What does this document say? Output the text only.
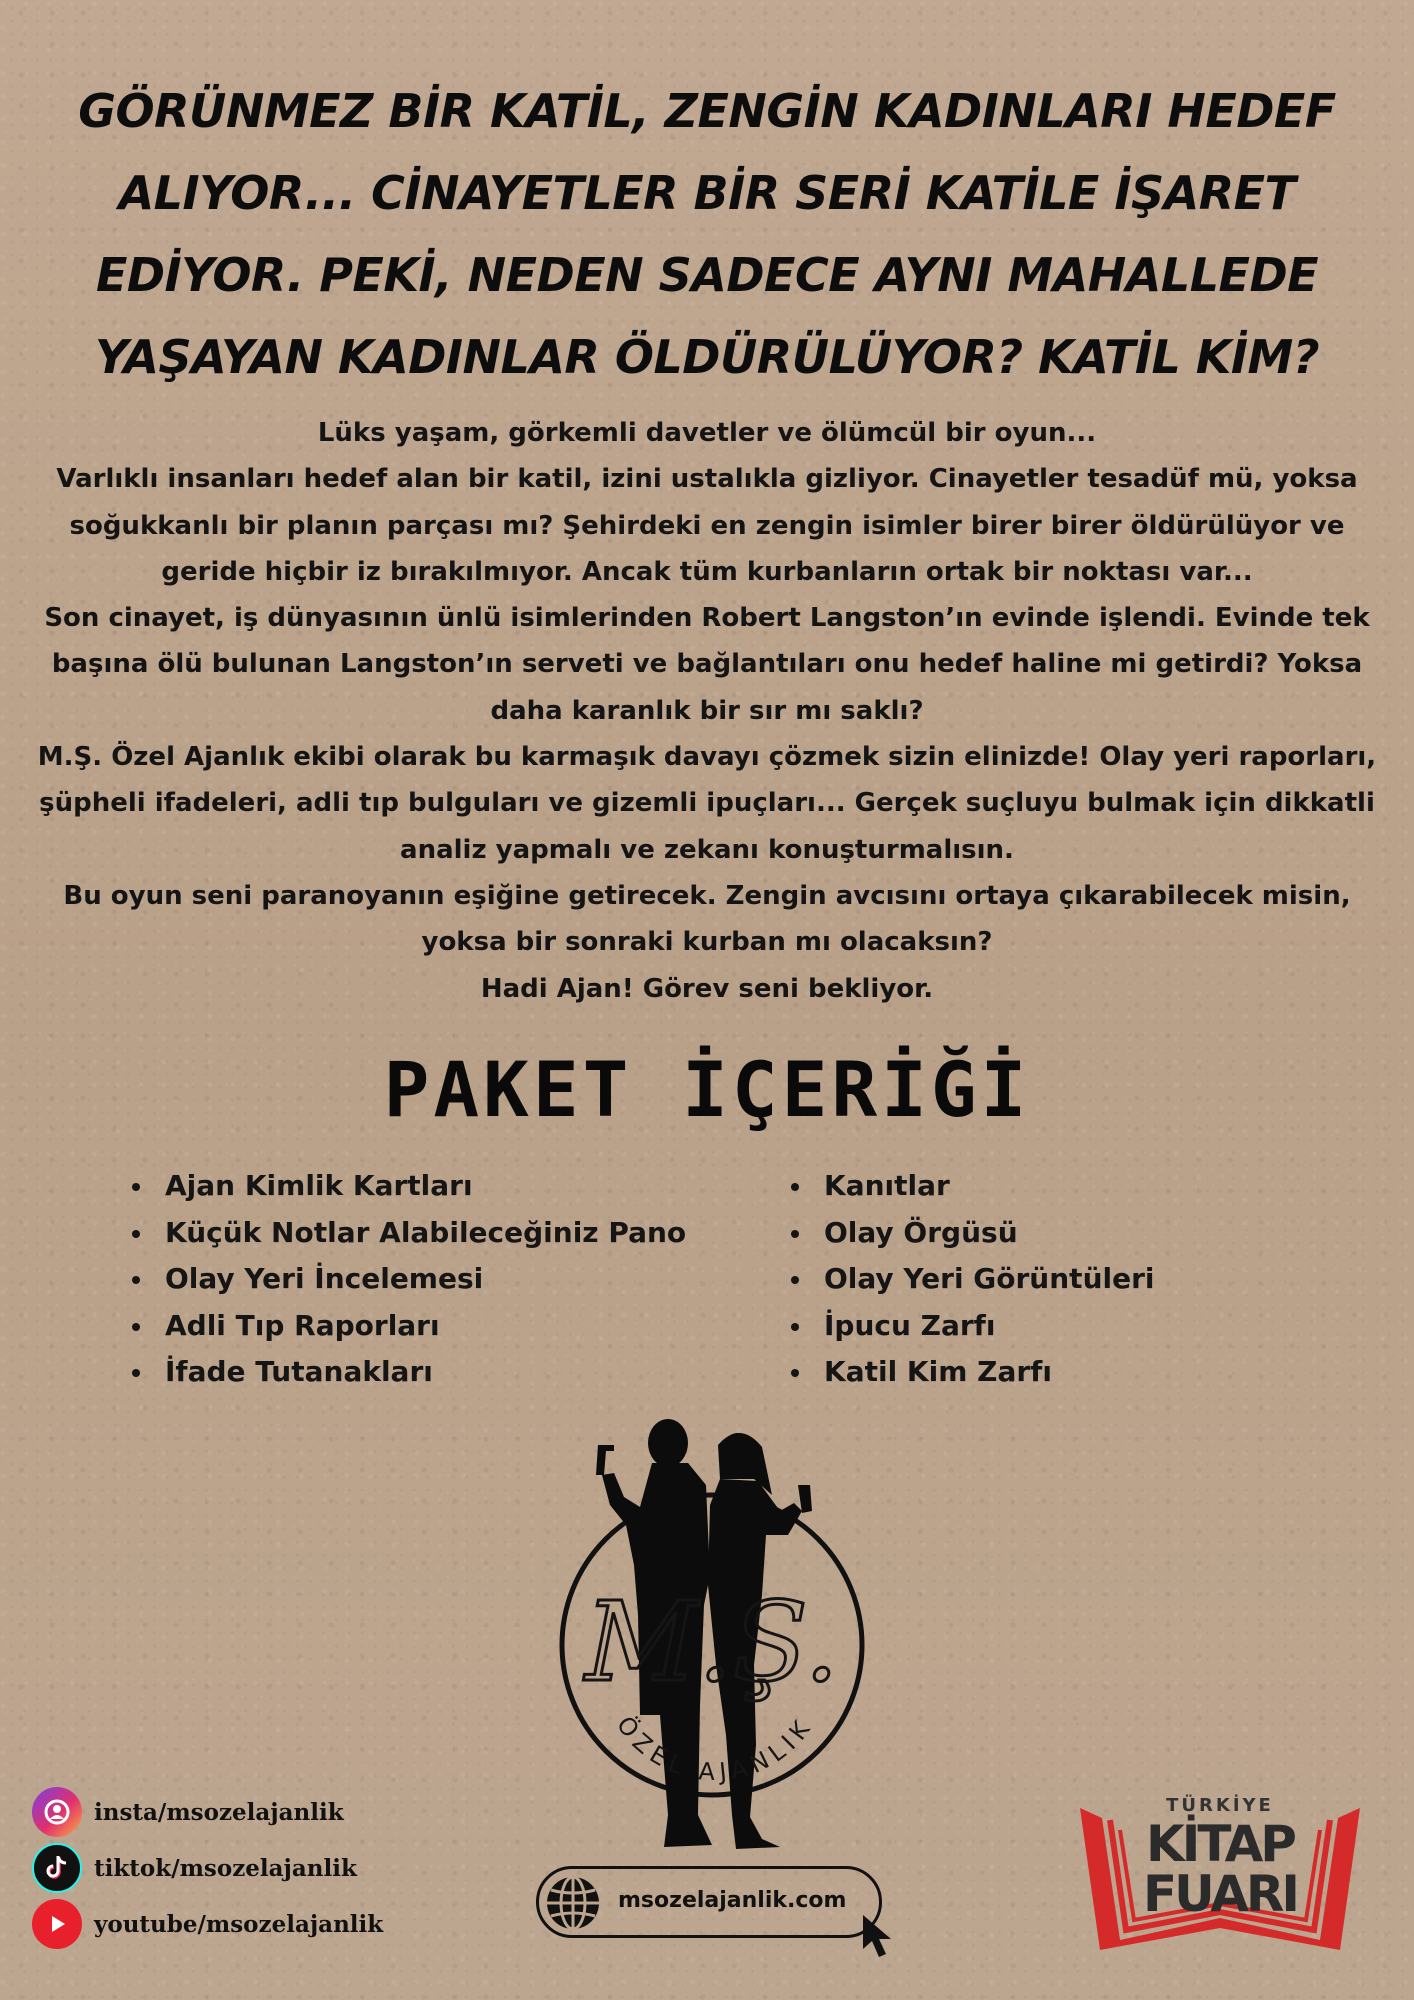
GÖRÜNMEZ BİR KATİL, ZENGİN KADINLARI HEDEF ALIYOR... CİNAYETLER BİR SERİ KATİLE İŞARET EDİYOR. PEKİ, NEDEN SADECE AYNI MAHALLEDE YAŞAYAN KADINLAR ÖLDÜRÜLÜYOR? KATİL KİM?

Lüks yaşam, görkemli davetler ve ölümcül bir oyun...

Varlıklı insanları hedef alan bir katil, izini ustalıkla gizliyor. Cinayetler tesadüf mü, yoksa soğukkanlı bir planın parçası mı? Şehirdeki en zengin isimler birer birer öldürülüyor ve geride hiçbir iz bırakılmıyor. Ancak tüm kurbanların ortak bir noktası var...

Son cinayet, iş dünyasının ünlü isimlerinden Robert Langston’ın evinde işlendi. Evinde tek başına ölü bulunan Langston’ın serveti ve bağlantıları onu hedef haline mi getirdi? Yoksa daha karanlık bir sır mı saklı?

M.Ş. Özel Ajanlık ekibi olarak bu karmaşık davayı çözmek sizin elinizde! Olay yeri raporları, şüpheli ifadeleri, adli tıp bulguları ve gizemli ipuçları... Gerçek suçluyu bulmak için dikkatli analiz yapmalı ve zekanı konuşturmalısın.

Bu oyun seni paranoyanın eşiğine getirecek. Zengin avcısını ortaya çıkarabilecek misin, yoksa bir sonraki kurban mı olacaksın?

Hadi Ajan! Görev seni bekliyor.

PAKET İÇERİĞİ
Ajan Kimlik Kartları
Küçük Notlar Alabileceğiniz Pano
Olay Yeri İncelemesi
Adli Tıp Raporları
İfade Tutanakları
Kanıtlar
Olay Örgüsü
Olay Yeri Görüntüleri
İpucu Zarfı
Katil Kim Zarfı
M.Ş.
ÖZEL AJANLIK
insta/msozelajanlik
tiktok/msozelajanlik
youtube/msozelajanlik
msozelajanlik.com
TÜRKİYE
KİTAP
FUARI
